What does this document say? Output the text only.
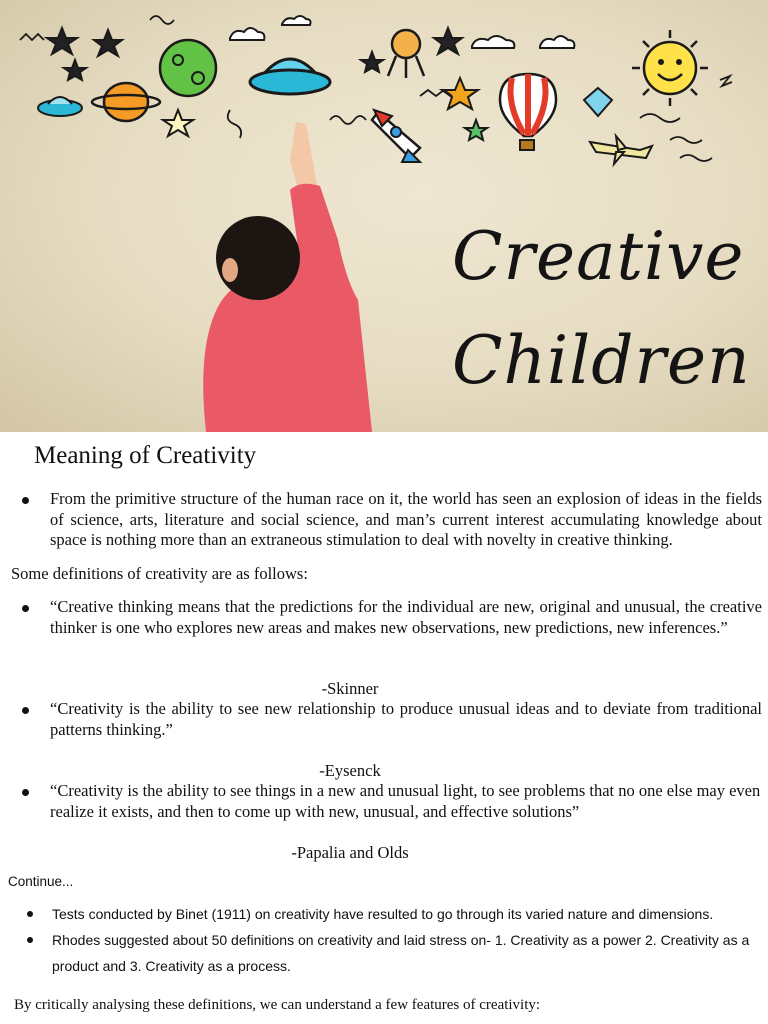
Creative
Children
Meaning of Creativity
From the primitive structure of the human race on it, the world has seen an explosion of ideas in the fields of science, arts, literature and social science, and man’s current interest accumulating knowledge about space is nothing more than an extraneous stimulation to deal with novelty in creative thinking.
Some definitions of creativity are as follows:
“Creative thinking means that the predictions for the individual are new, original and unusual, the creative thinker is one who explores new areas and makes new observations, new predictions, new inferences.”
-Skinner
“Creativity is the ability to see new relationship to produce unusual ideas and to deviate from traditional patterns thinking.”
-Eysenck
“Creativity is the ability to see things in a new and unusual light, to see problems that no one else may even realize it exists, and then to come up with new, unusual, and effective solutions”
-Papalia and Olds
Continue...
Tests conducted by Binet (1911) on creativity have resulted to go through its varied nature and dimensions.
Rhodes suggested about 50 definitions on creativity and laid stress on- 1. Creativity as a power 2. Creativity as a product and 3. Creativity as a process.
By critically analysing these definitions, we can understand a few features of creativity:
